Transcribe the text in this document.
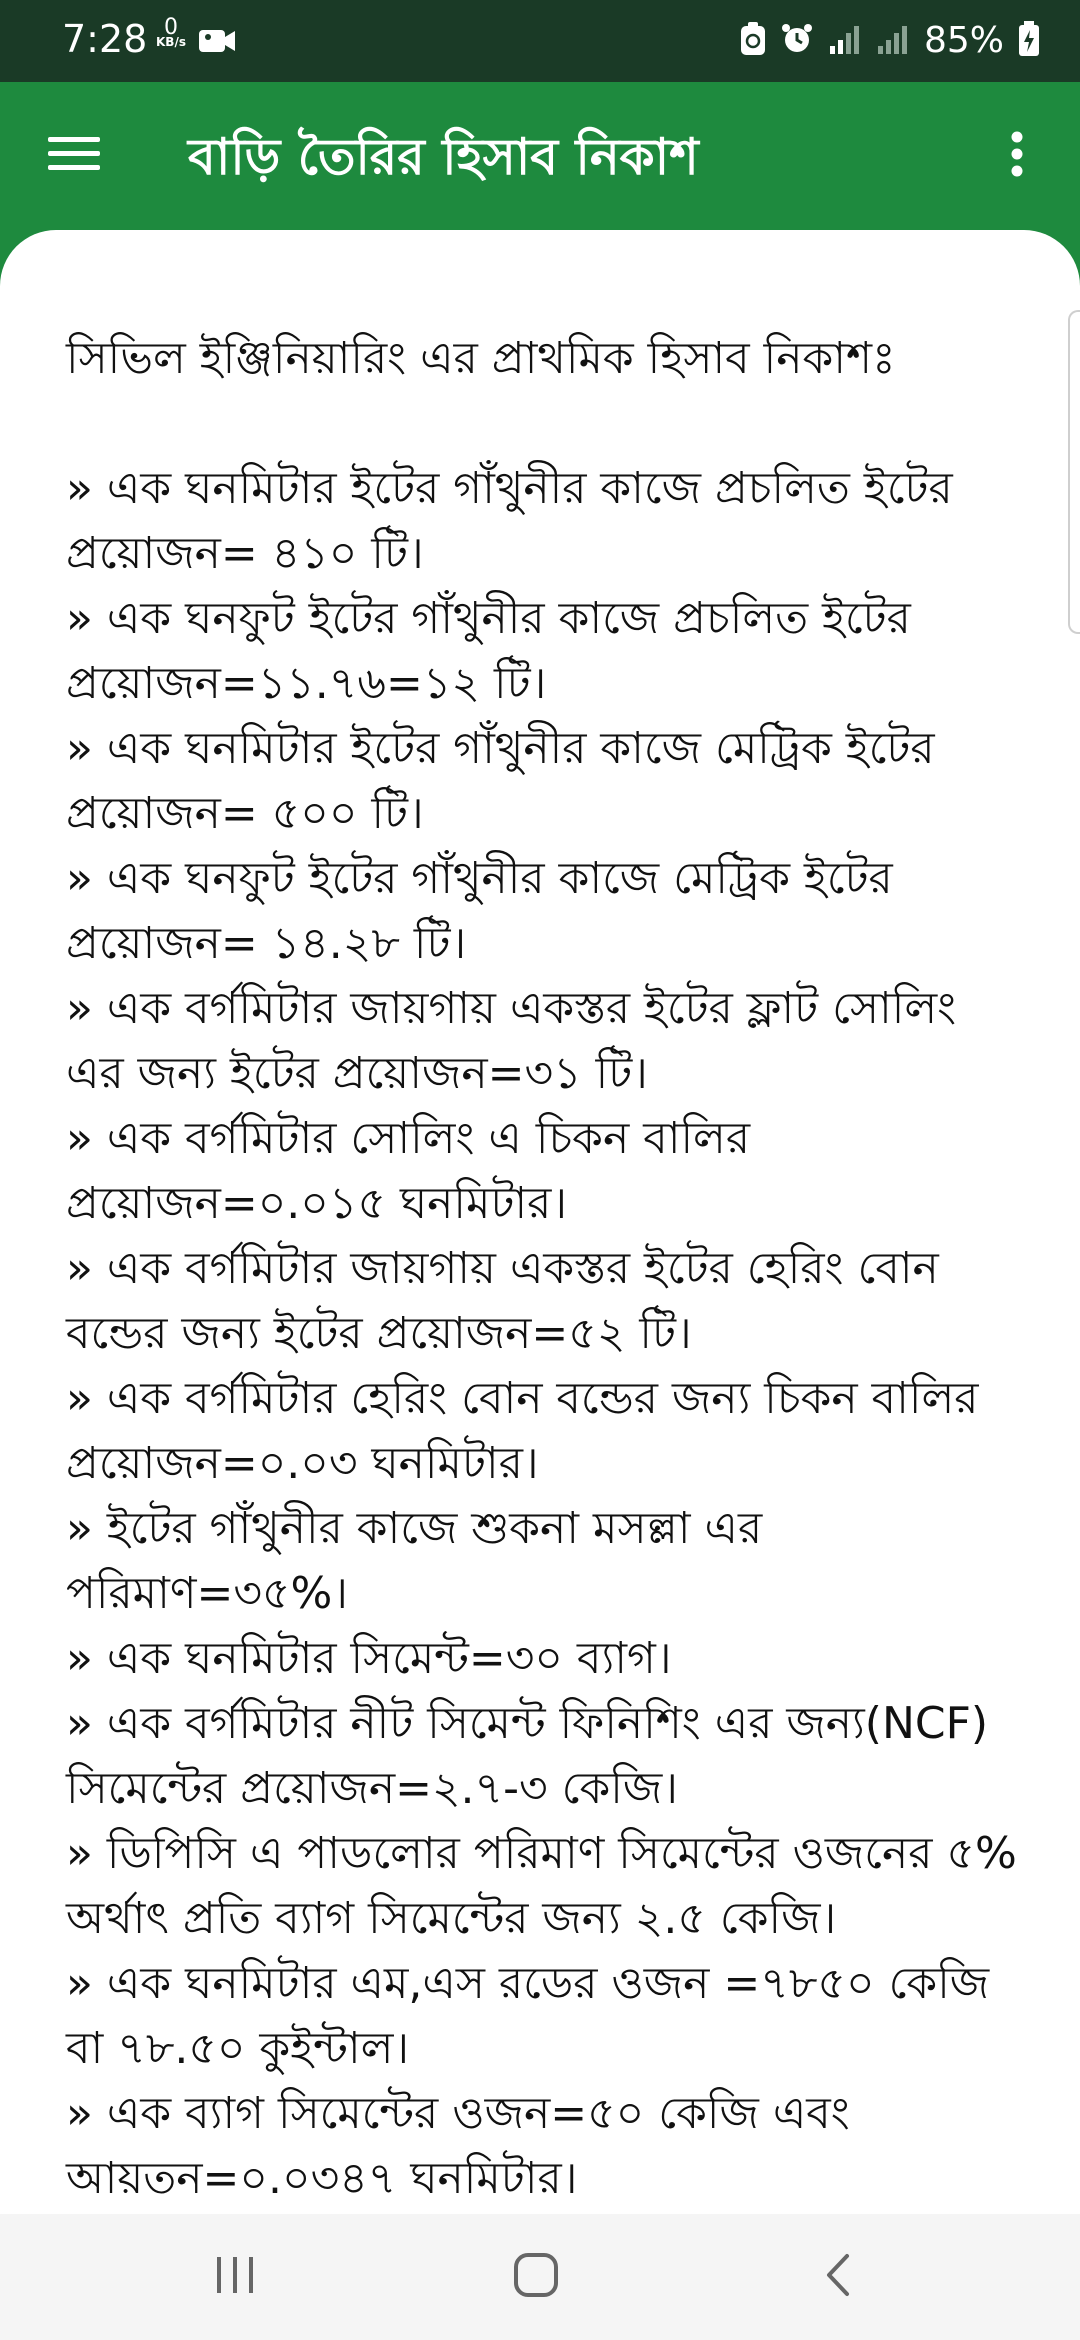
7:28 0
KB/s	85%
বাড়ি তৈরির হিসাব নিকাশ
সিভিল ইঞ্জিনিয়ারিং এর প্রাথমিক হিসাব নিকাশঃ

» এক ঘনমিটার ইটের গাঁথুনীর কাজে প্রচলিত ইটের প্রয়োজন= ৪১০ টি।

» এক ঘনফুট ইটের গাঁথুনীর কাজে প্রচলিত ইটের প্রয়োজন=১১.৭৬=১২ টি।

» এক ঘনমিটার ইটের গাঁথুনীর কাজে মেট্রিক ইটের প্রয়োজন= ৫০০ টি।

» এক ঘনফুট ইটের গাঁথুনীর কাজে মেট্রিক ইটের প্রয়োজন= ১৪.২৮ টি।

» এক বর্গমিটার জায়গায় একস্তর ইটের ফ্লাট সোলিং এর জন্য ইটের প্রয়োজন=৩১ টি।

» এক বর্গমিটার সোলিং এ চিকন বালির প্রয়োজন=০.০১৫ ঘনমিটার।

» এক বর্গমিটার জায়গায় একস্তর ইটের হেরিং বোন বন্ডের জন্য ইটের প্রয়োজন=৫২ টি।

» এক বর্গমিটার হেরিং বোন বন্ডের জন্য চিকন বালির প্রয়োজন=০.০৩ ঘনমিটার।

» ইটের গাঁথুনীর কাজে শুকনা মসল্লা এর পরিমাণ=৩৫%।

» এক ঘনমিটার সিমেন্ট=৩০ ব্যাগ।

» এক বর্গমিটার নীট সিমেন্ট ফিনিশিং এর জন্য(NCF) সিমেন্টের প্রয়োজন=২.৭-৩ কেজি।

» ডিপিসি এ পাডলোর পরিমাণ সিমেন্টের ওজনের ৫% অর্থাৎ প্রতি ব্যাগ সিমেন্টের জন্য ২.৫ কেজি।

» এক ঘনমিটার এম,এস রডের ওজন =৭৮৫০ কেজি বা ৭৮.৫০ কুইন্টাল।

» এক ব্যাগ সিমেন্টের ওজন=৫০ কেজি এবং আয়তন=০.০৩৪৭ ঘনমিটার।
